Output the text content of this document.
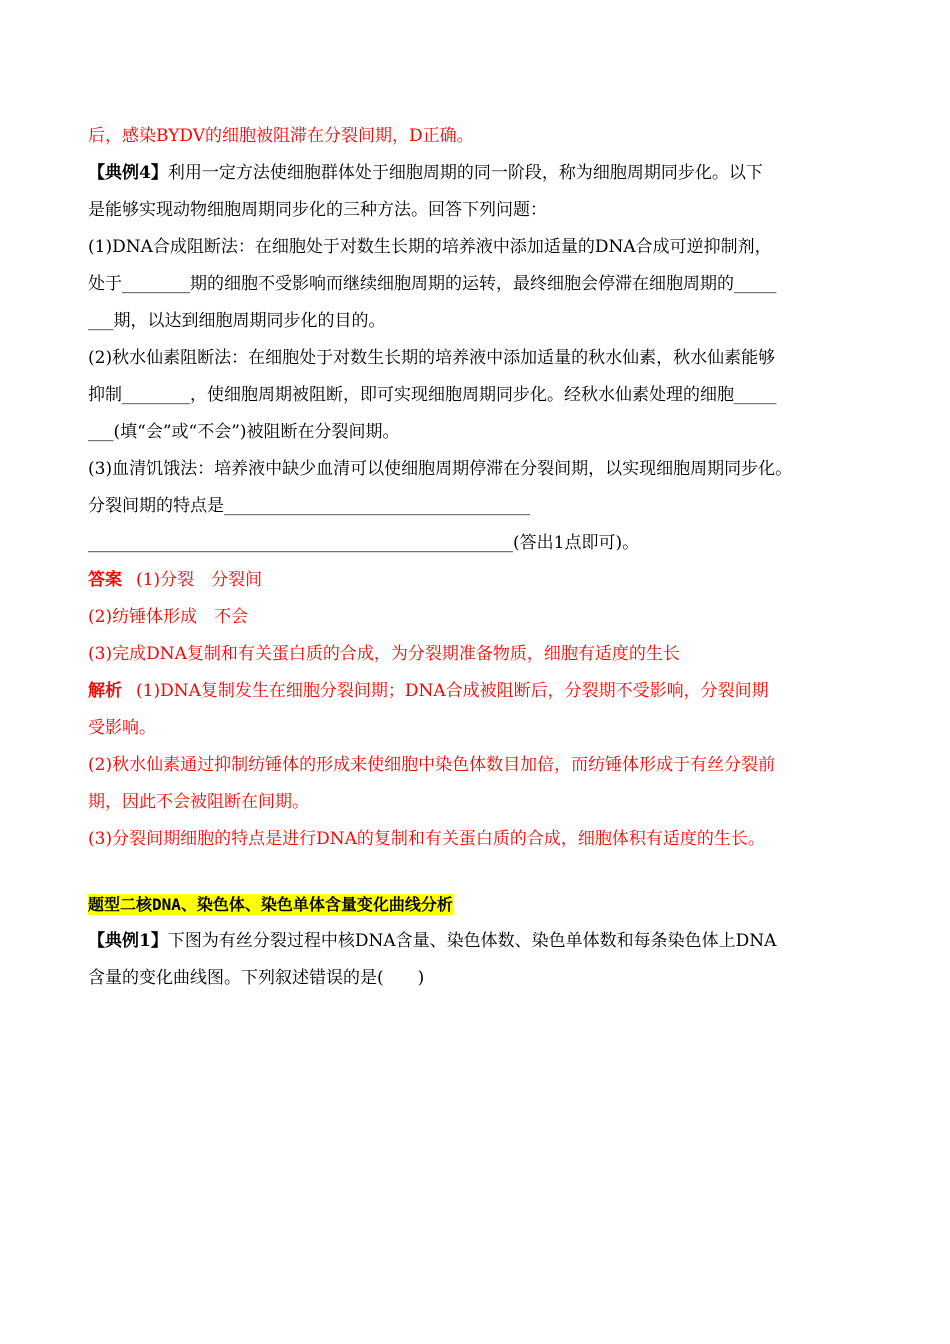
后，感染BYDV的细胞被阻滞在分裂间期，D正确。
【典例4】利用一定方法使细胞群体处于细胞周期的同一阶段，称为细胞周期同步化。以下
是能够实现动物细胞周期同步化的三种方法。回答下列问题：
(1)DNA合成阻断法：在细胞处于对数生长期的培养液中添加适量的DNA合成可逆抑制剂，
处于________期的细胞不受影响而继续细胞周期的运转，最终细胞会停滞在细胞周期的_____
___期，以达到细胞周期同步化的目的。
(2)秋水仙素阻断法：在细胞处于对数生长期的培养液中添加适量的秋水仙素，秋水仙素能够
抑制________，使细胞周期被阻断，即可实现细胞周期同步化。经秋水仙素处理的细胞_____
___(填“会”或“不会”)被阻断在分裂间期。
(3)血清饥饿法：培养液中缺少血清可以使细胞周期停滞在分裂间期，以实现细胞周期同步化。
分裂间期的特点是____________________________________
__________________________________________________(答出1点即可)。
答案 (1)分裂　分裂间
(2)纺锤体形成　不会
(3)完成DNA复制和有关蛋白质的合成，为分裂期准备物质，细胞有适度的生长
解析 (1)DNA复制发生在细胞分裂间期；DNA合成被阻断后，分裂期不受影响，分裂间期
受影响。
(2)秋水仙素通过抑制纺锤体的形成来使细胞中染色体数目加倍，而纺锤体形成于有丝分裂前
期，因此不会被阻断在间期。
(3)分裂间期细胞的特点是进行DNA的复制和有关蛋白质的合成，细胞体积有适度的生长。
题型二核DNA、染色体、染色单体含量变化曲线分析
【典例1】下图为有丝分裂过程中核DNA含量、染色体数、染色单体数和每条染色体上DNA
含量的变化曲线图。下列叙述错误的是(　　)
